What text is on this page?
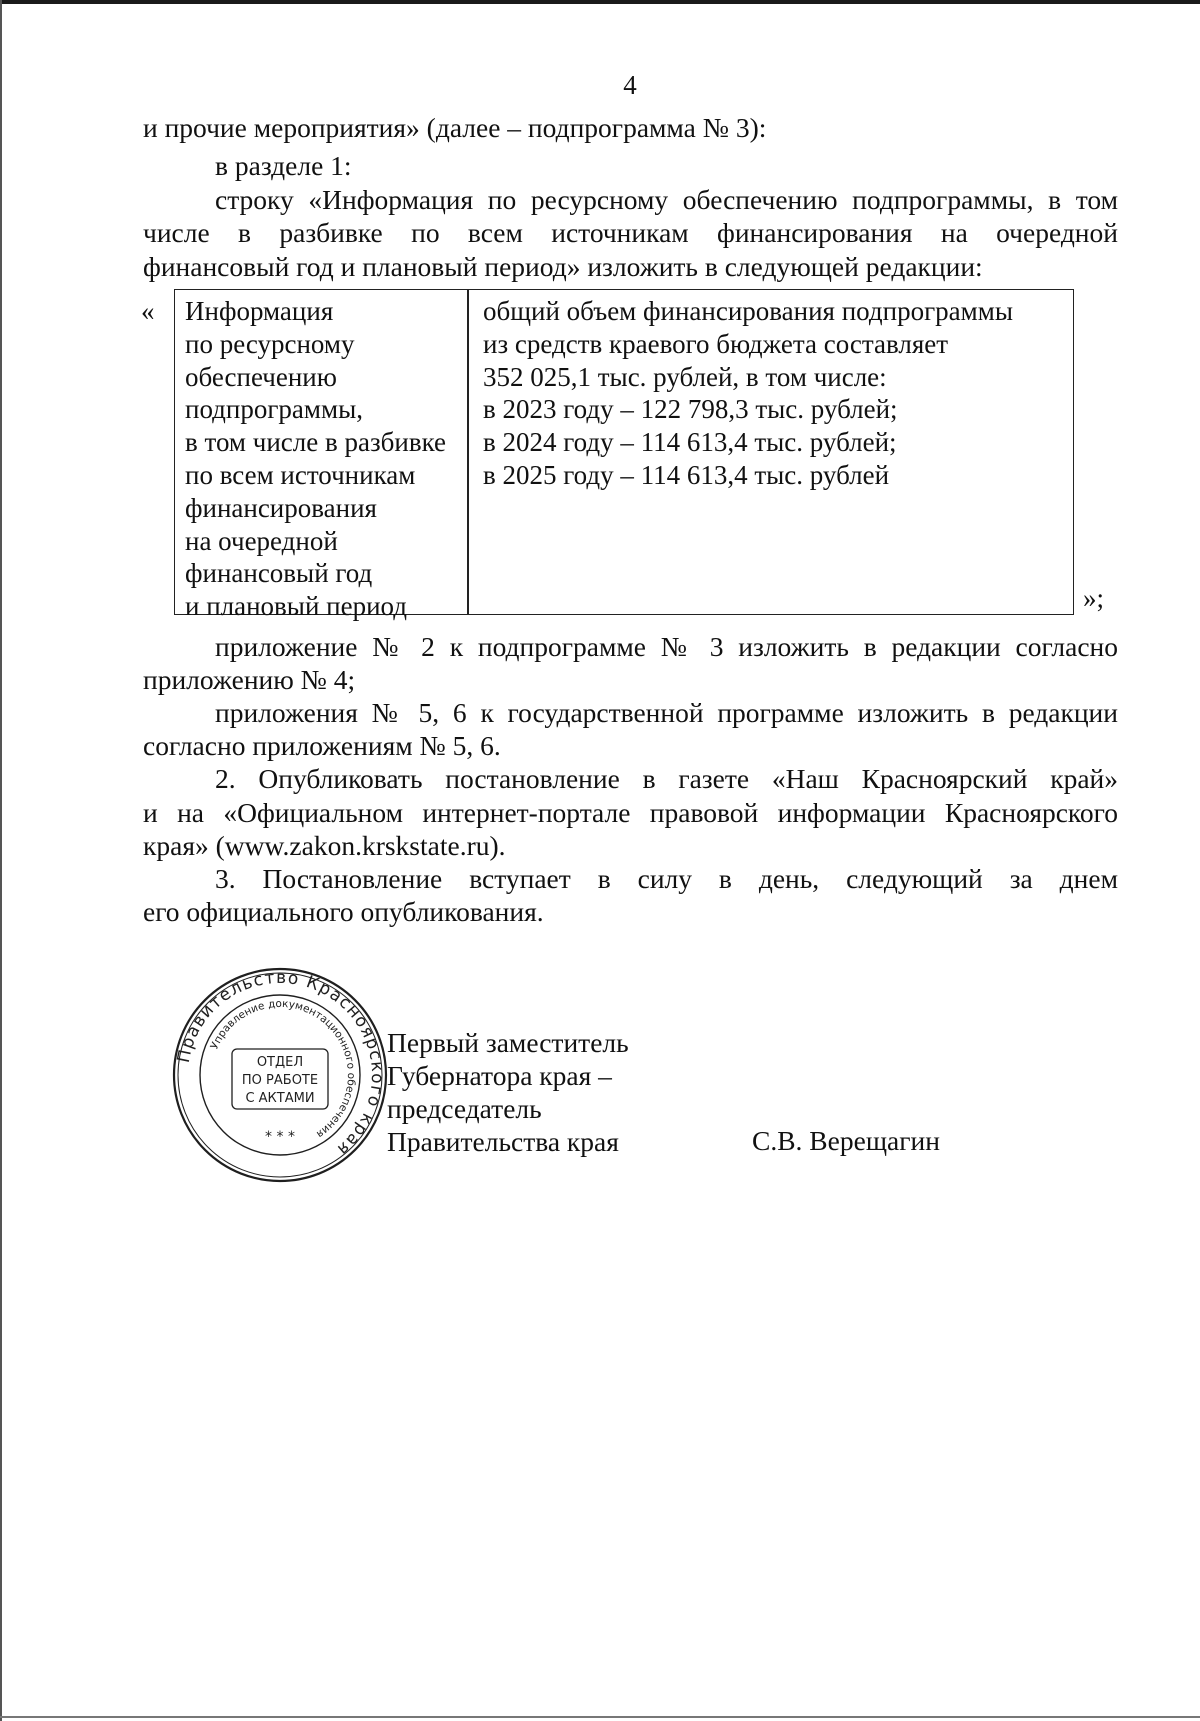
4
и прочие мероприятия» (далее – подпрограмма № 3):
в разделе 1:
строку «Информация по ресурсному обеспечению подпрограммы, в том
числе в разбивке по всем источникам финансирования на очередной
финансовый год и плановый период» изложить в следующей редакции:
« Информация
по ресурсному
обеспечению
подпрограммы,
в том числе в разбивке
по всем источникам
финансирования
на очередной
финансовый год
и плановый период
общий объем финансирования подпрограммы
из средств краевого бюджета составляет
352 025,1 тыс. рублей, в том числе:
в 2023 году – 122 798,3 тыс. рублей;
в 2024 году – 114 613,4 тыс. рублей;
в 2025 году – 114 613,4 тыс. рублей
»;
приложение № 2 к подпрограмме № 3 изложить в редакции согласно
приложению № 4;
приложения № 5, 6 к государственной программе изложить в редакции
согласно приложениям № 5, 6.
2. Опубликовать постановление в газете «Наш Красноярский край»
и на «Официальном интернет-портале правовой информации Красноярского
края» (www.zakon.krskstate.ru).
3. Постановление вступает в силу в день, следующий за днем
его официального опубликования.
Правительство Красноярского края
Управление документационного обеспечения
ОТДЕЛ
ПО РАБОТЕ
С АКТАМИ
* * *
Первый заместитель
Губернатора края –
председатель
Правительства края	С.В. Верещагин
